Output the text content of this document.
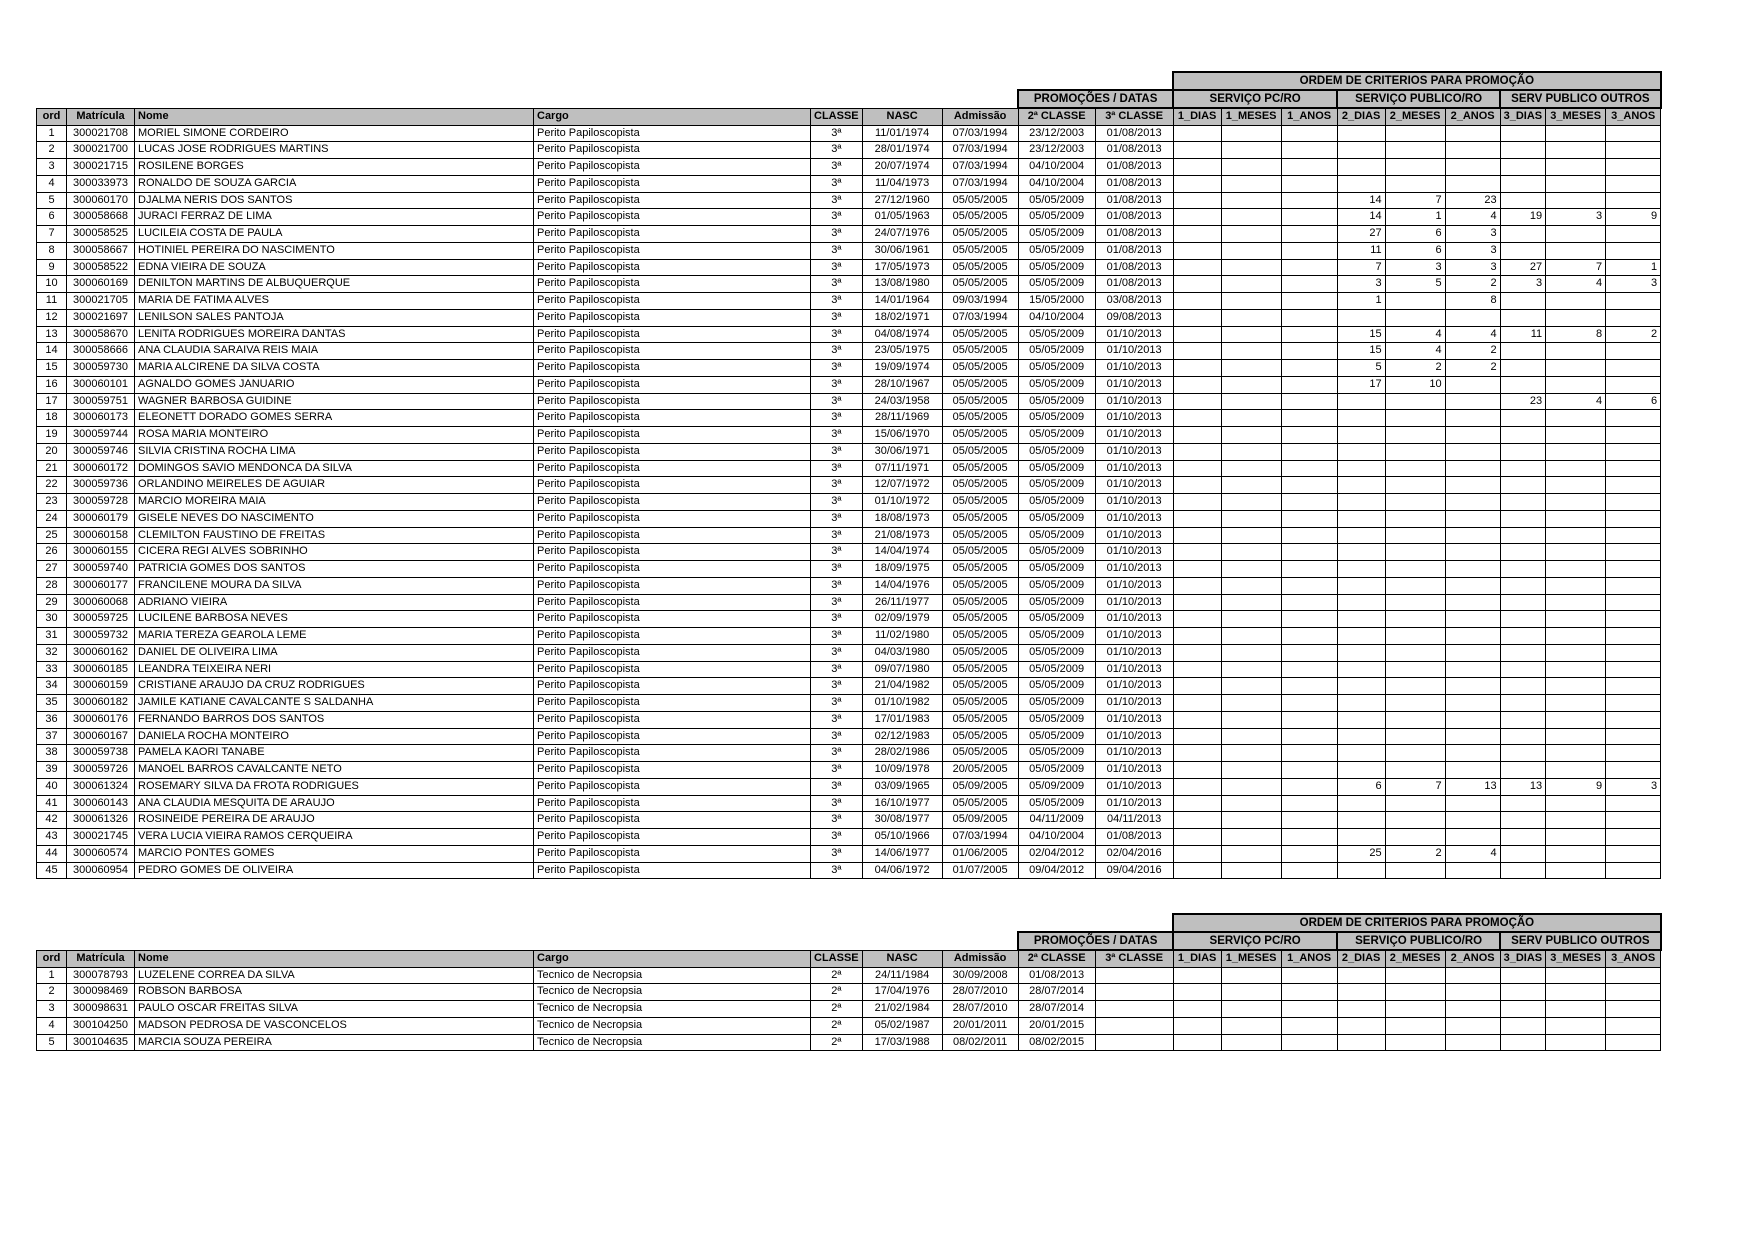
									ORDEM DE CRITERIOS PARA PROMOÇÃO								
							PROMOÇÕES / DATAS		SERVIÇO PC/RO			SERVIÇO PUBLICO/RO			SERV PUBLICO OUTROS		
ord	Matrícula	Nome	Cargo	CLASSE	NASC	Admissão	2ª CLASSE	3ª CLASSE	1_DIAS	1_MESES	1_ANOS	2_DIAS	2_MESES	2_ANOS	3_DIAS	3_MESES	3_ANOS
1	300021708	MORIEL SIMONE CORDEIRO	Perito Papiloscopista	3ª	11/01/1974	07/03/1994	23/12/2003	01/08/2013									
2	300021700	LUCAS JOSE RODRIGUES MARTINS	Perito Papiloscopista	3ª	28/01/1974	07/03/1994	23/12/2003	01/08/2013									
3	300021715	ROSILENE BORGES	Perito Papiloscopista	3ª	20/07/1974	07/03/1994	04/10/2004	01/08/2013									
4	300033973	RONALDO DE SOUZA GARCIA	Perito Papiloscopista	3ª	11/04/1973	07/03/1994	04/10/2004	01/08/2013									
5	300060170	DJALMA NERIS DOS SANTOS	Perito Papiloscopista	3ª	27/12/1960	05/05/2005	05/05/2009	01/08/2013				14	7	23			
6	300058668	JURACI FERRAZ DE LIMA	Perito Papiloscopista	3ª	01/05/1963	05/05/2005	05/05/2009	01/08/2013				14	1	4	19	3	9
7	300058525	LUCILEIA COSTA DE PAULA	Perito Papiloscopista	3ª	24/07/1976	05/05/2005	05/05/2009	01/08/2013				27	6	3			
8	300058667	HOTINIEL PEREIRA DO NASCIMENTO	Perito Papiloscopista	3ª	30/06/1961	05/05/2005	05/05/2009	01/08/2013				11	6	3			
9	300058522	EDNA VIEIRA DE SOUZA	Perito Papiloscopista	3ª	17/05/1973	05/05/2005	05/05/2009	01/08/2013				7	3	3	27	7	1
10	300060169	DENILTON MARTINS DE ALBUQUERQUE	Perito Papiloscopista	3ª	13/08/1980	05/05/2005	05/05/2009	01/08/2013				3	5	2	3	4	3
11	300021705	MARIA DE FATIMA ALVES	Perito Papiloscopista	3ª	14/01/1964	09/03/1994	15/05/2000	03/08/2013				1		8			
12	300021697	LENILSON SALES PANTOJA	Perito Papiloscopista	3ª	18/02/1971	07/03/1994	04/10/2004	09/08/2013									
13	300058670	LENITA RODRIGUES MOREIRA DANTAS	Perito Papiloscopista	3ª	04/08/1974	05/05/2005	05/05/2009	01/10/2013				15	4	4	11	8	2
14	300058666	ANA CLAUDIA SARAIVA REIS MAIA	Perito Papiloscopista	3ª	23/05/1975	05/05/2005	05/05/2009	01/10/2013				15	4	2			
15	300059730	MARIA ALCIRENE DA SILVA COSTA	Perito Papiloscopista	3ª	19/09/1974	05/05/2005	05/05/2009	01/10/2013				5	2	2			
16	300060101	AGNALDO GOMES JANUARIO	Perito Papiloscopista	3ª	28/10/1967	05/05/2005	05/05/2009	01/10/2013				17	10				
17	300059751	WAGNER BARBOSA GUIDINE	Perito Papiloscopista	3ª	24/03/1958	05/05/2005	05/05/2009	01/10/2013							23	4	6
18	300060173	ELEONETT DORADO GOMES SERRA	Perito Papiloscopista	3ª	28/11/1969	05/05/2005	05/05/2009	01/10/2013									
19	300059744	ROSA MARIA MONTEIRO	Perito Papiloscopista	3ª	15/06/1970	05/05/2005	05/05/2009	01/10/2013									
20	300059746	SILVIA CRISTINA ROCHA LIMA	Perito Papiloscopista	3ª	30/06/1971	05/05/2005	05/05/2009	01/10/2013									
21	300060172	DOMINGOS SAVIO MENDONCA DA SILVA	Perito Papiloscopista	3ª	07/11/1971	05/05/2005	05/05/2009	01/10/2013									
22	300059736	ORLANDINO MEIRELES DE AGUIAR	Perito Papiloscopista	3ª	12/07/1972	05/05/2005	05/05/2009	01/10/2013									
23	300059728	MARCIO MOREIRA MAIA	Perito Papiloscopista	3ª	01/10/1972	05/05/2005	05/05/2009	01/10/2013									
24	300060179	GISELE NEVES DO NASCIMENTO	Perito Papiloscopista	3ª	18/08/1973	05/05/2005	05/05/2009	01/10/2013									
25	300060158	CLEMILTON FAUSTINO DE FREITAS	Perito Papiloscopista	3ª	21/08/1973	05/05/2005	05/05/2009	01/10/2013									
26	300060155	CICERA REGI ALVES SOBRINHO	Perito Papiloscopista	3ª	14/04/1974	05/05/2005	05/05/2009	01/10/2013									
27	300059740	PATRICIA GOMES DOS SANTOS	Perito Papiloscopista	3ª	18/09/1975	05/05/2005	05/05/2009	01/10/2013									
28	300060177	FRANCILENE MOURA DA SILVA	Perito Papiloscopista	3ª	14/04/1976	05/05/2005	05/05/2009	01/10/2013									
29	300060068	ADRIANO VIEIRA	Perito Papiloscopista	3ª	26/11/1977	05/05/2005	05/05/2009	01/10/2013									
30	300059725	LUCILENE BARBOSA NEVES	Perito Papiloscopista	3ª	02/09/1979	05/05/2005	05/05/2009	01/10/2013									
31	300059732	MARIA TEREZA GEAROLA LEME	Perito Papiloscopista	3ª	11/02/1980	05/05/2005	05/05/2009	01/10/2013									
32	300060162	DANIEL DE OLIVEIRA LIMA	Perito Papiloscopista	3ª	04/03/1980	05/05/2005	05/05/2009	01/10/2013									
33	300060185	LEANDRA TEIXEIRA NERI	Perito Papiloscopista	3ª	09/07/1980	05/05/2005	05/05/2009	01/10/2013									
34	300060159	CRISTIANE ARAUJO DA CRUZ RODRIGUES	Perito Papiloscopista	3ª	21/04/1982	05/05/2005	05/05/2009	01/10/2013									
35	300060182	JAMILE KATIANE CAVALCANTE S SALDANHA	Perito Papiloscopista	3ª	01/10/1982	05/05/2005	05/05/2009	01/10/2013									
36	300060176	FERNANDO BARROS DOS SANTOS	Perito Papiloscopista	3ª	17/01/1983	05/05/2005	05/05/2009	01/10/2013									
37	300060167	DANIELA ROCHA MONTEIRO	Perito Papiloscopista	3ª	02/12/1983	05/05/2005	05/05/2009	01/10/2013									
38	300059738	PAMELA KAORI TANABE	Perito Papiloscopista	3ª	28/02/1986	05/05/2005	05/05/2009	01/10/2013									
39	300059726	MANOEL BARROS CAVALCANTE NETO	Perito Papiloscopista	3ª	10/09/1978	20/05/2005	05/05/2009	01/10/2013									
40	300061324	ROSEMARY SILVA DA FROTA RODRIGUES	Perito Papiloscopista	3ª	03/09/1965	05/09/2005	05/09/2009	01/10/2013				6	7	13	13	9	3
41	300060143	ANA CLAUDIA MESQUITA DE ARAUJO	Perito Papiloscopista	3ª	16/10/1977	05/05/2005	05/05/2009	01/10/2013									
42	300061326	ROSINEIDE PEREIRA DE ARAUJO	Perito Papiloscopista	3ª	30/08/1977	05/09/2005	04/11/2009	04/11/2013									
43	300021745	VERA LUCIA VIEIRA RAMOS CERQUEIRA	Perito Papiloscopista	3ª	05/10/1966	07/03/1994	04/10/2004	01/08/2013									
44	300060574	MARCIO PONTES GOMES	Perito Papiloscopista	3ª	14/06/1977	01/06/2005	02/04/2012	02/04/2016				25	2	4			
45	300060954	PEDRO GOMES DE OLIVEIRA	Perito Papiloscopista	3ª	04/06/1972	01/07/2005	09/04/2012	09/04/2016									
									ORDEM DE CRITERIOS PARA PROMOÇÃO								
							PROMOÇÕES / DATAS		SERVIÇO PC/RO			SERVIÇO PUBLICO/RO			SERV PUBLICO OUTROS		
ord	Matrícula	Nome	Cargo	CLASSE	NASC	Admissão	2ª CLASSE	3ª CLASSE	1_DIAS	1_MESES	1_ANOS	2_DIAS	2_MESES	2_ANOS	3_DIAS	3_MESES	3_ANOS
1	300078793	LUZELENE CORREA DA SILVA	Tecnico de Necropsia	2ª	24/11/1984	30/09/2008	01/08/2013										
2	300098469	ROBSON BARBOSA	Tecnico de Necropsia	2ª	17/04/1976	28/07/2010	28/07/2014										
3	300098631	PAULO OSCAR FREITAS SILVA	Tecnico de Necropsia	2ª	21/02/1984	28/07/2010	28/07/2014										
4	300104250	MADSON PEDROSA DE VASCONCELOS	Tecnico de Necropsia	2ª	05/02/1987	20/01/2011	20/01/2015										
5	300104635	MARCIA SOUZA PEREIRA	Tecnico de Necropsia	2ª	17/03/1988	08/02/2011	08/02/2015										
